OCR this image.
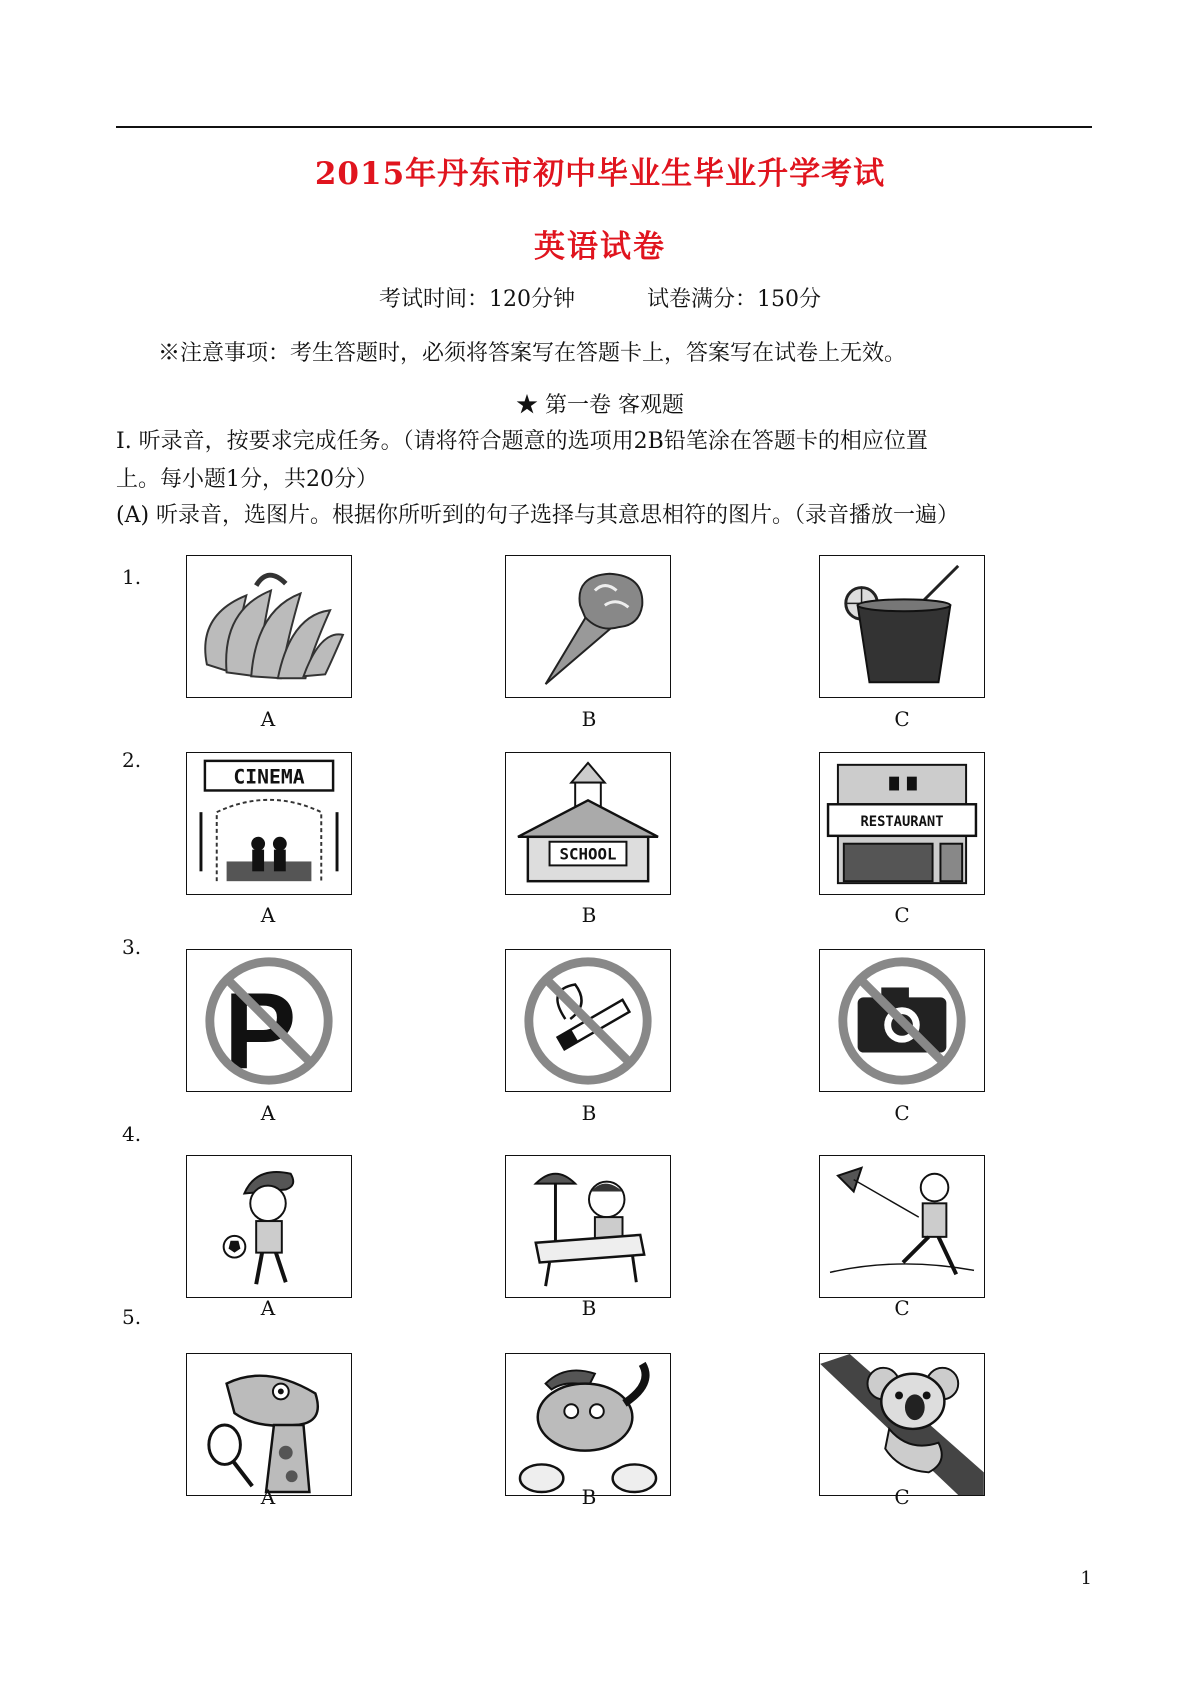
2015年丹东市初中毕业生毕业升学考试
英语试卷
考试时间：120分钟	试卷满分：150分
※注意事项：考生答题时，必须将答案写在答题卡上，答案写在试卷上无效。
★ 第一卷 客观题
Ⅰ. 听录音，按要求完成任务。（请将符合题意的选项用2B铅笔涂在答题卡的相应位置
上。每小题1分，共20分）
(A) 听录音，选图片。根据你所听到的句子选择与其意思相符的图片。（录音播放一遍）
1.
2.
3.
4.
5.
A	B	C
CINEMA
SCHOOL
RESTAURANT
A	B	C
P
A	B	C
A	B	C
A	B	C
1
